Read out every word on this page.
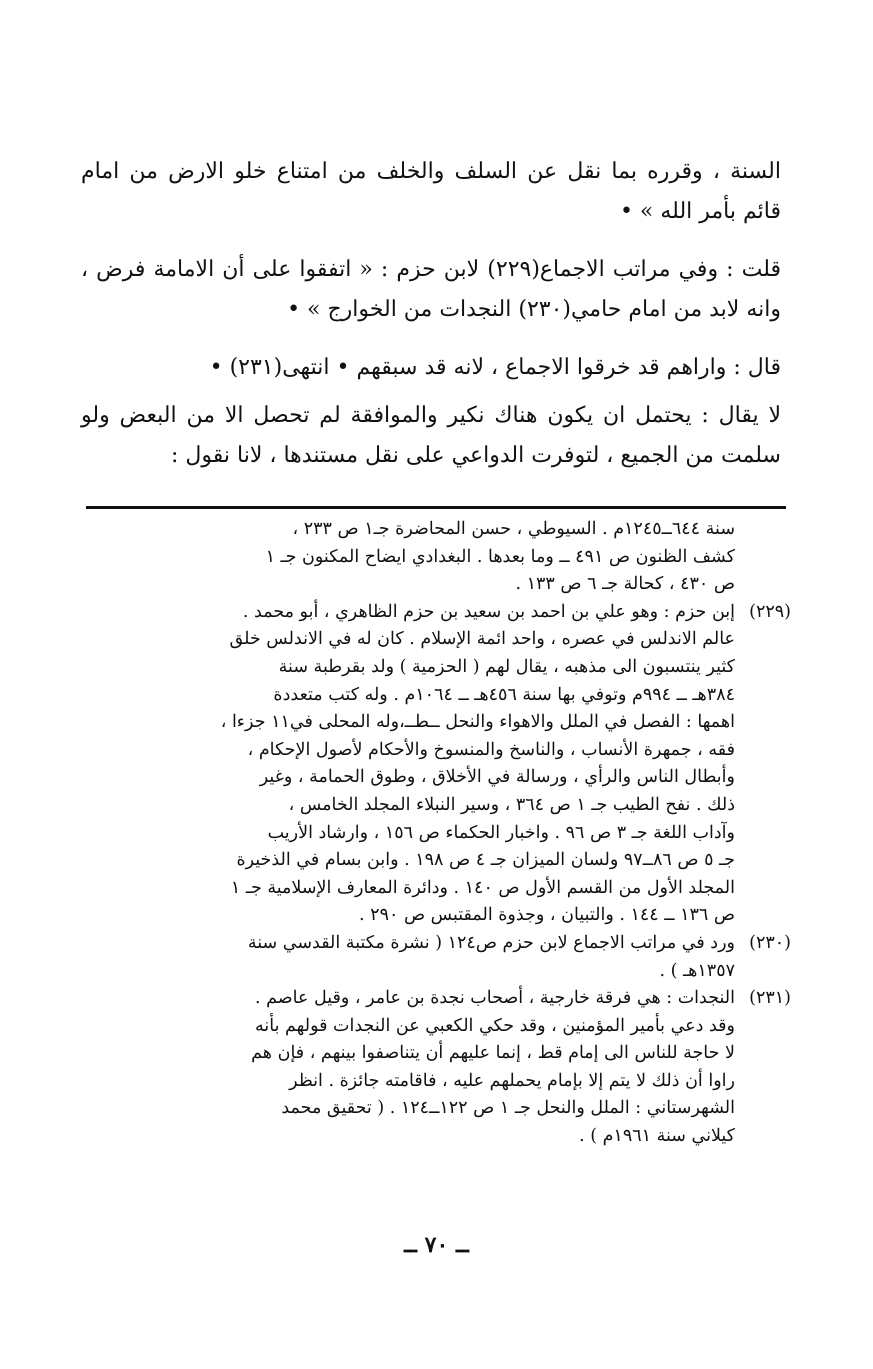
السنة ، وقرره بما نقل عن السلف والخلف من امتناع خلو الارض من امام قائم بأمر الله » •

قلت : وفي مراتب الاجماع(٢٢٩) لابن حزم : « اتفقوا على أن الامامة فرض ، وانه لابد من امام حامي(٢٣٠) النجدات من الخوارج » •

قال : واراهم قد خرقوا الاجماع ، لانه قد سبقهم • انتهى(٢٣١) •

لا يقال : يحتمل ان يكون هناك نكير والموافقة لم تحصل الا من البعض ولو سلمت من الجميع ، لتوفرت الدواعي على نقل مستندها ، لانا نقول :

سنة ٦٤٤ــ١٢٤٥م . السيوطي ، حسن المحاضرة جـ١ ص ٢٣٣ ،
كشف الظنون ص ٤٩١ ــ وما بعدها . البغدادي ايضاح المكنون جـ ١
ص ٤٣٠ ، كحالة جـ ٦ ص ١٣٣ .
(٢٢٩)
إبن حزم : وهو علي بن احمد بن سعيد بن حزم الظاهري ، أبو محمد .
عالم الاندلس في عصره ، واحد ائمة الإسلام . كان له في الاندلس خلق
كثير ينتسبون الى مذهبه ، يقال لهم ( الحزمية ) ولد بقرطبة سنة
٣٨٤هـ ــ ٩٩٤م وتوفي بها سنة ٤٥٦هـ ــ ١٠٦٤م . وله كتب متعددة
اهمها : الفصل في الملل والاهواء والنحل ــطــ،وله المحلى في١١ جزءا ،
فقه ، جمهرة الأنساب ، والناسخ والمنسوخ والأحكام لأصول الإحكام ،
وأبطال الناس والرأي ، ورسالة في الأخلاق ، وطوق الحمامة ، وغير
ذلك . نفح الطيب جـ ١ ص ٣٦٤ ، وسير النبلاء المجلد الخامس ،
وآداب اللغة جـ ٣ ص ٩٦ . واخبار الحكماء ص ١٥٦ ، وارشاد الأريب
جـ ٥ ص ٨٦ــ٩٧ ولسان الميزان جـ ٤ ص ١٩٨ . وابن بسام في الذخيرة
المجلد الأول من القسم الأول ص ١٤٠ . ودائرة المعارف الإسلامية جـ ١
ص ١٣٦ ــ ١٤٤ . والتبيان ، وجذوة المقتبس ص ٢٩٠ .
(٢٣٠)
ورد في مراتب الاجماع لابن حزم ص١٢٤ ( نشرة مكتبة القدسي سنة
١٣٥٧هـ ) .
(٢٣١)
النجدات : هي فرقة خارجية ، أصحاب نجدة بن عامر ، وقيل عاصم .
وقد دعي بأمير المؤمنين ، وقد حكي الكعبي عن النجدات قولهم بأنه
لا حاجة للناس الى إمام قط ، إنما عليهم أن يتناصفوا بينهم ، فإن هم
راوا أن ذلك لا يتم إلا بإمام يحملهم عليه ، فاقامته جائزة . انظر
الشهرستاني : الملل والنحل جـ ١ ص ١٢٢ــ١٢٤ . ( تحقيق محمد
كيلاني سنة ١٩٦١م ) .
ــ ٧٠ ــ
